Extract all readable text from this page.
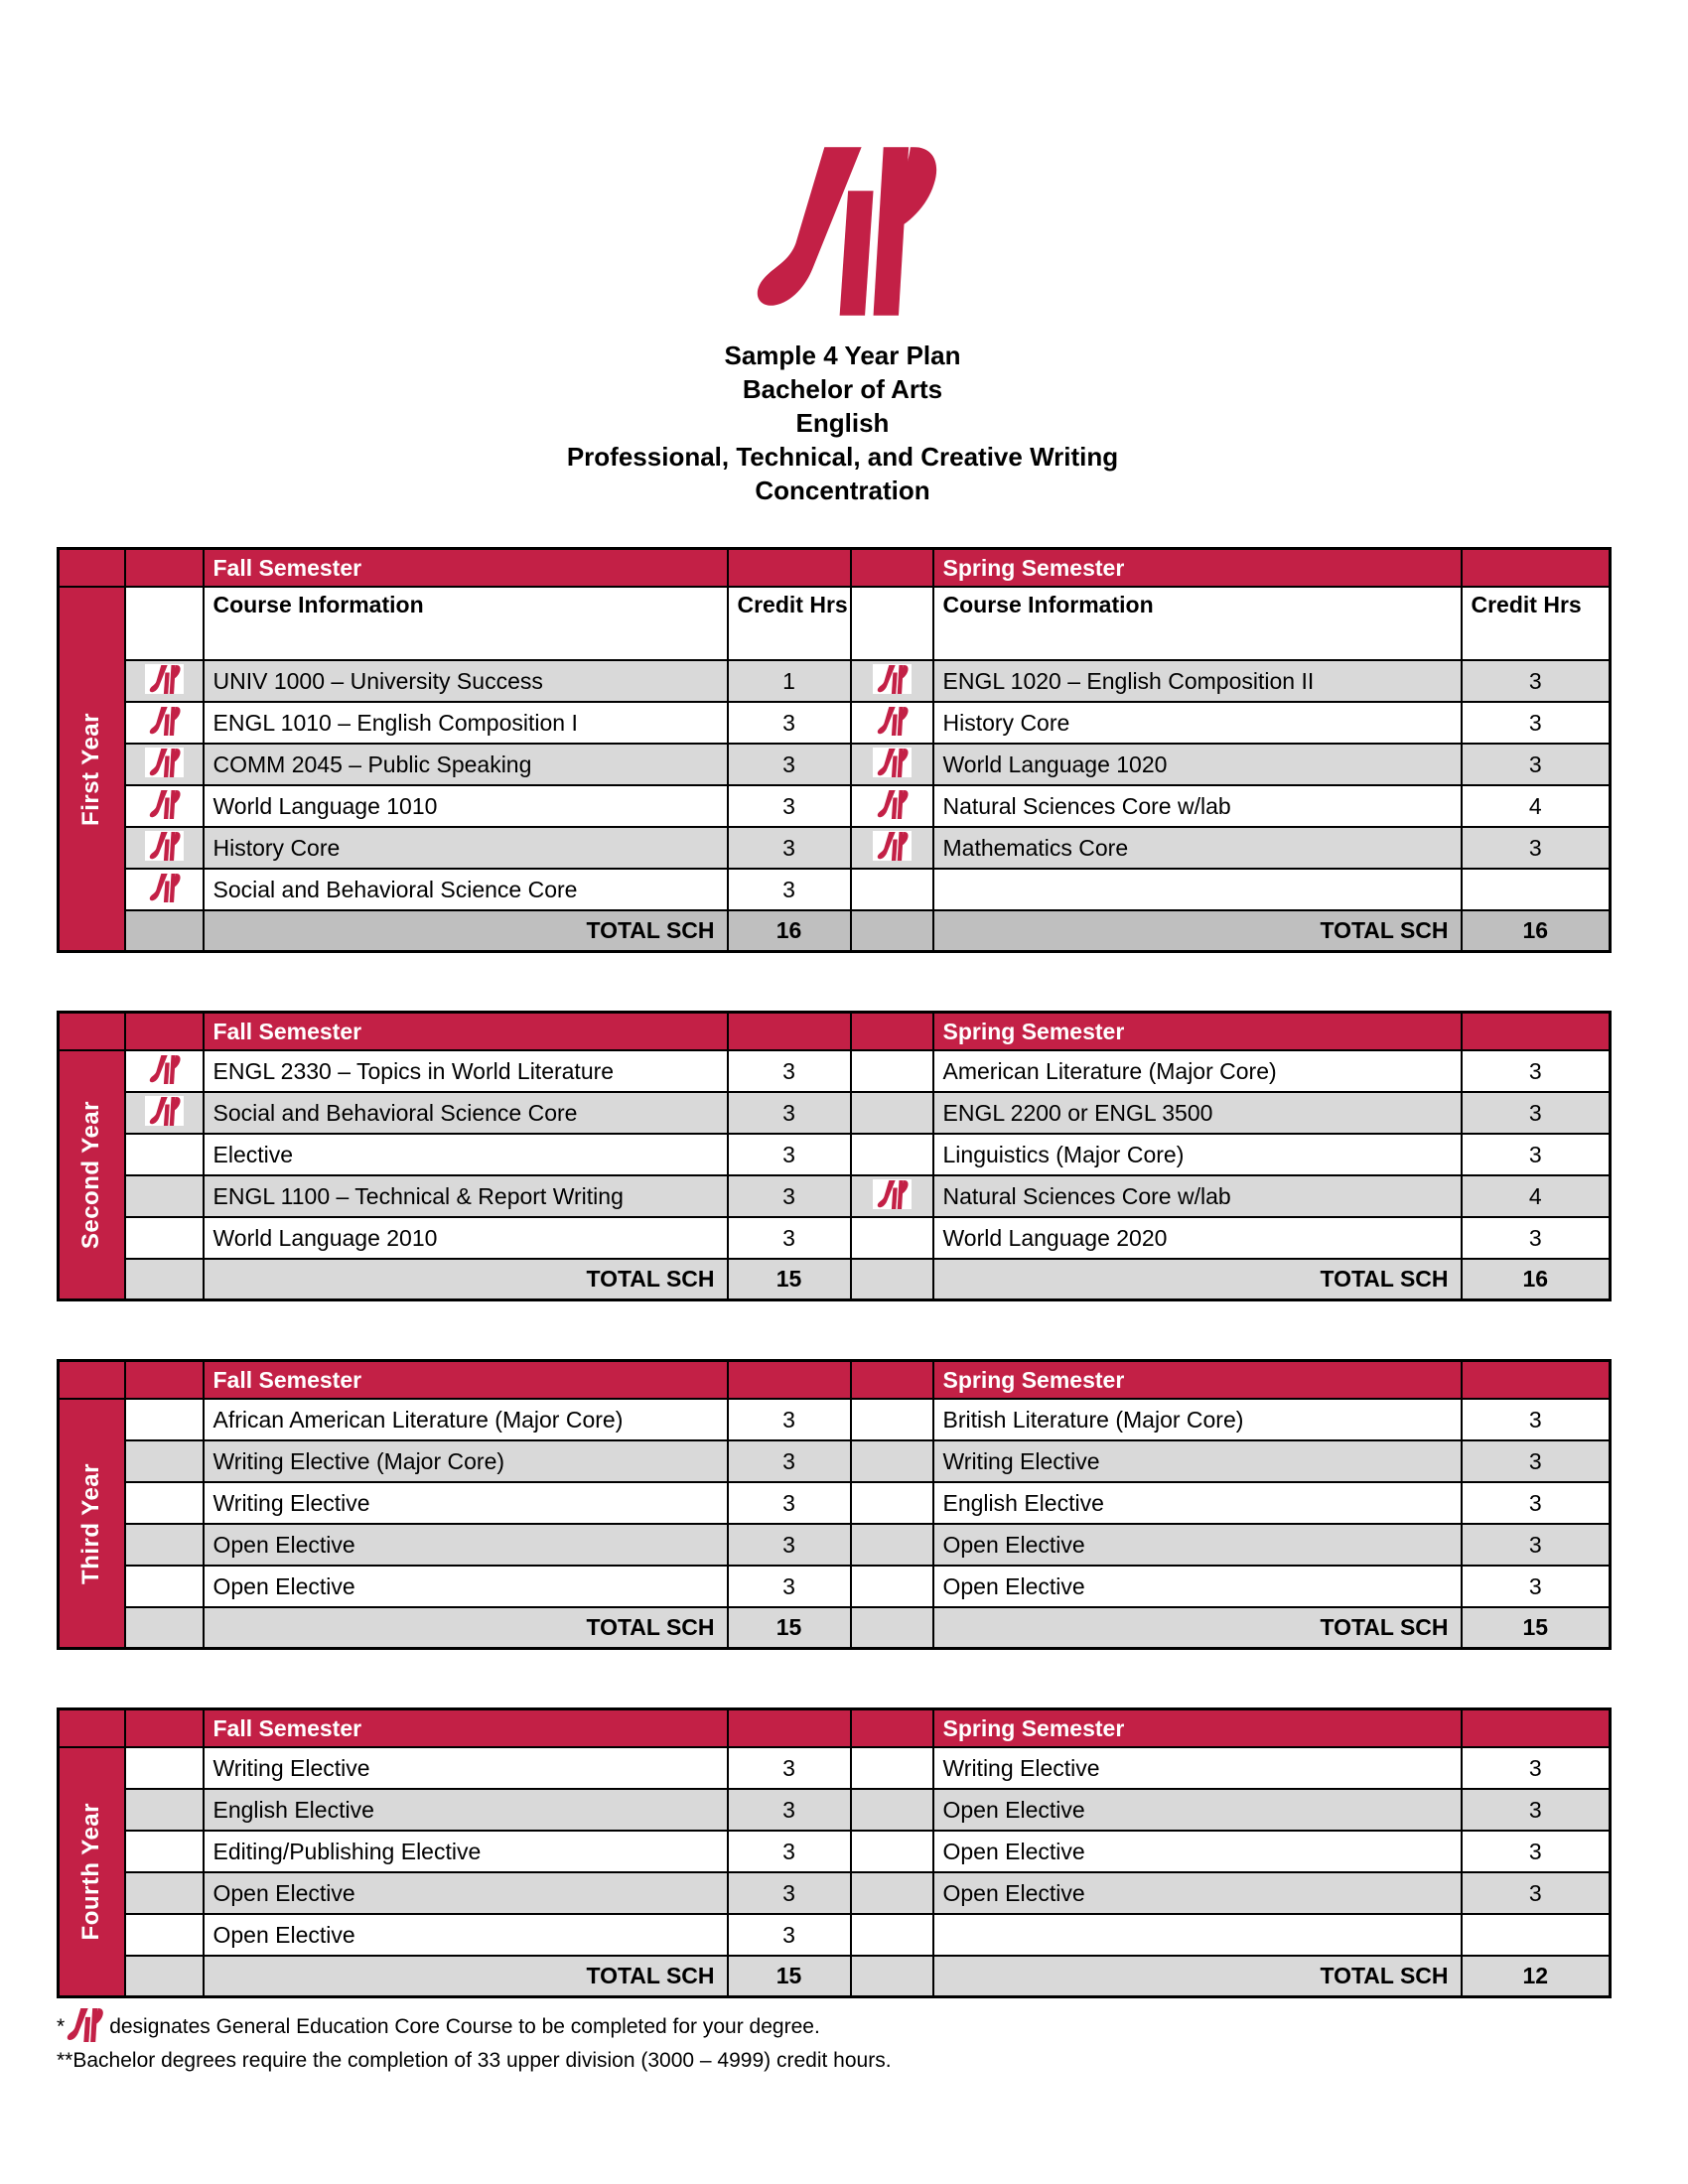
Sample 4 Year Plan
Bachelor of Arts
English
Professional, Technical, and Creative Writing
Concentration
		Fall Semester			Spring Semester	

First Year		Course Information	Credit Hrs		Course Information	Credit Hrs
	UNIV 1000 – University Success	1		ENGL 1020 – English Composition II	3
	ENGL 1010 – English Composition I	3		History Core	3
	COMM 2045 – Public Speaking	3		World Language 1020	3
	World Language 1010	3		Natural Sciences Core w/lab	4
	History Core	3		Mathematics Core	3
	Social and Behavioral Science Core	3			
		TOTAL SCH	16		TOTAL SCH	16
		Fall Semester			Spring Semester	

Second Year		ENGL 2330 – Topics in World Literature	3		American Literature (Major Core)	3
	Social and Behavioral Science Core	3		ENGL 2200 or ENGL 3500	3
		Elective	3		Linguistics (Major Core)	3
		ENGL 1100 – Technical & Report Writing	3		Natural Sciences Core w/lab	4
		World Language 2010	3		World Language 2020	3
		TOTAL SCH	15		TOTAL SCH	16
		Fall Semester			Spring Semester	

Third Year		African American Literature (Major Core)	3		British Literature (Major Core)	3
		Writing Elective (Major Core)	3		Writing Elective	3
		Writing Elective	3		English Elective	3
		Open Elective	3		Open Elective	3
		Open Elective	3		Open Elective	3
		TOTAL SCH	15		TOTAL SCH	15
		Fall Semester			Spring Semester	

Fourth Year		Writing Elective	3		Writing Elective	3
		English Elective	3		Open Elective	3
		Editing/Publishing Elective	3		Open Elective	3
		Open Elective	3		Open Elective	3
		Open Elective	3			
		TOTAL SCH	15		TOTAL SCH	12
* designates General Education Core Course to be completed for your degree.
**Bachelor degrees require the completion of 33 upper division (3000 – 4999) credit hours.
